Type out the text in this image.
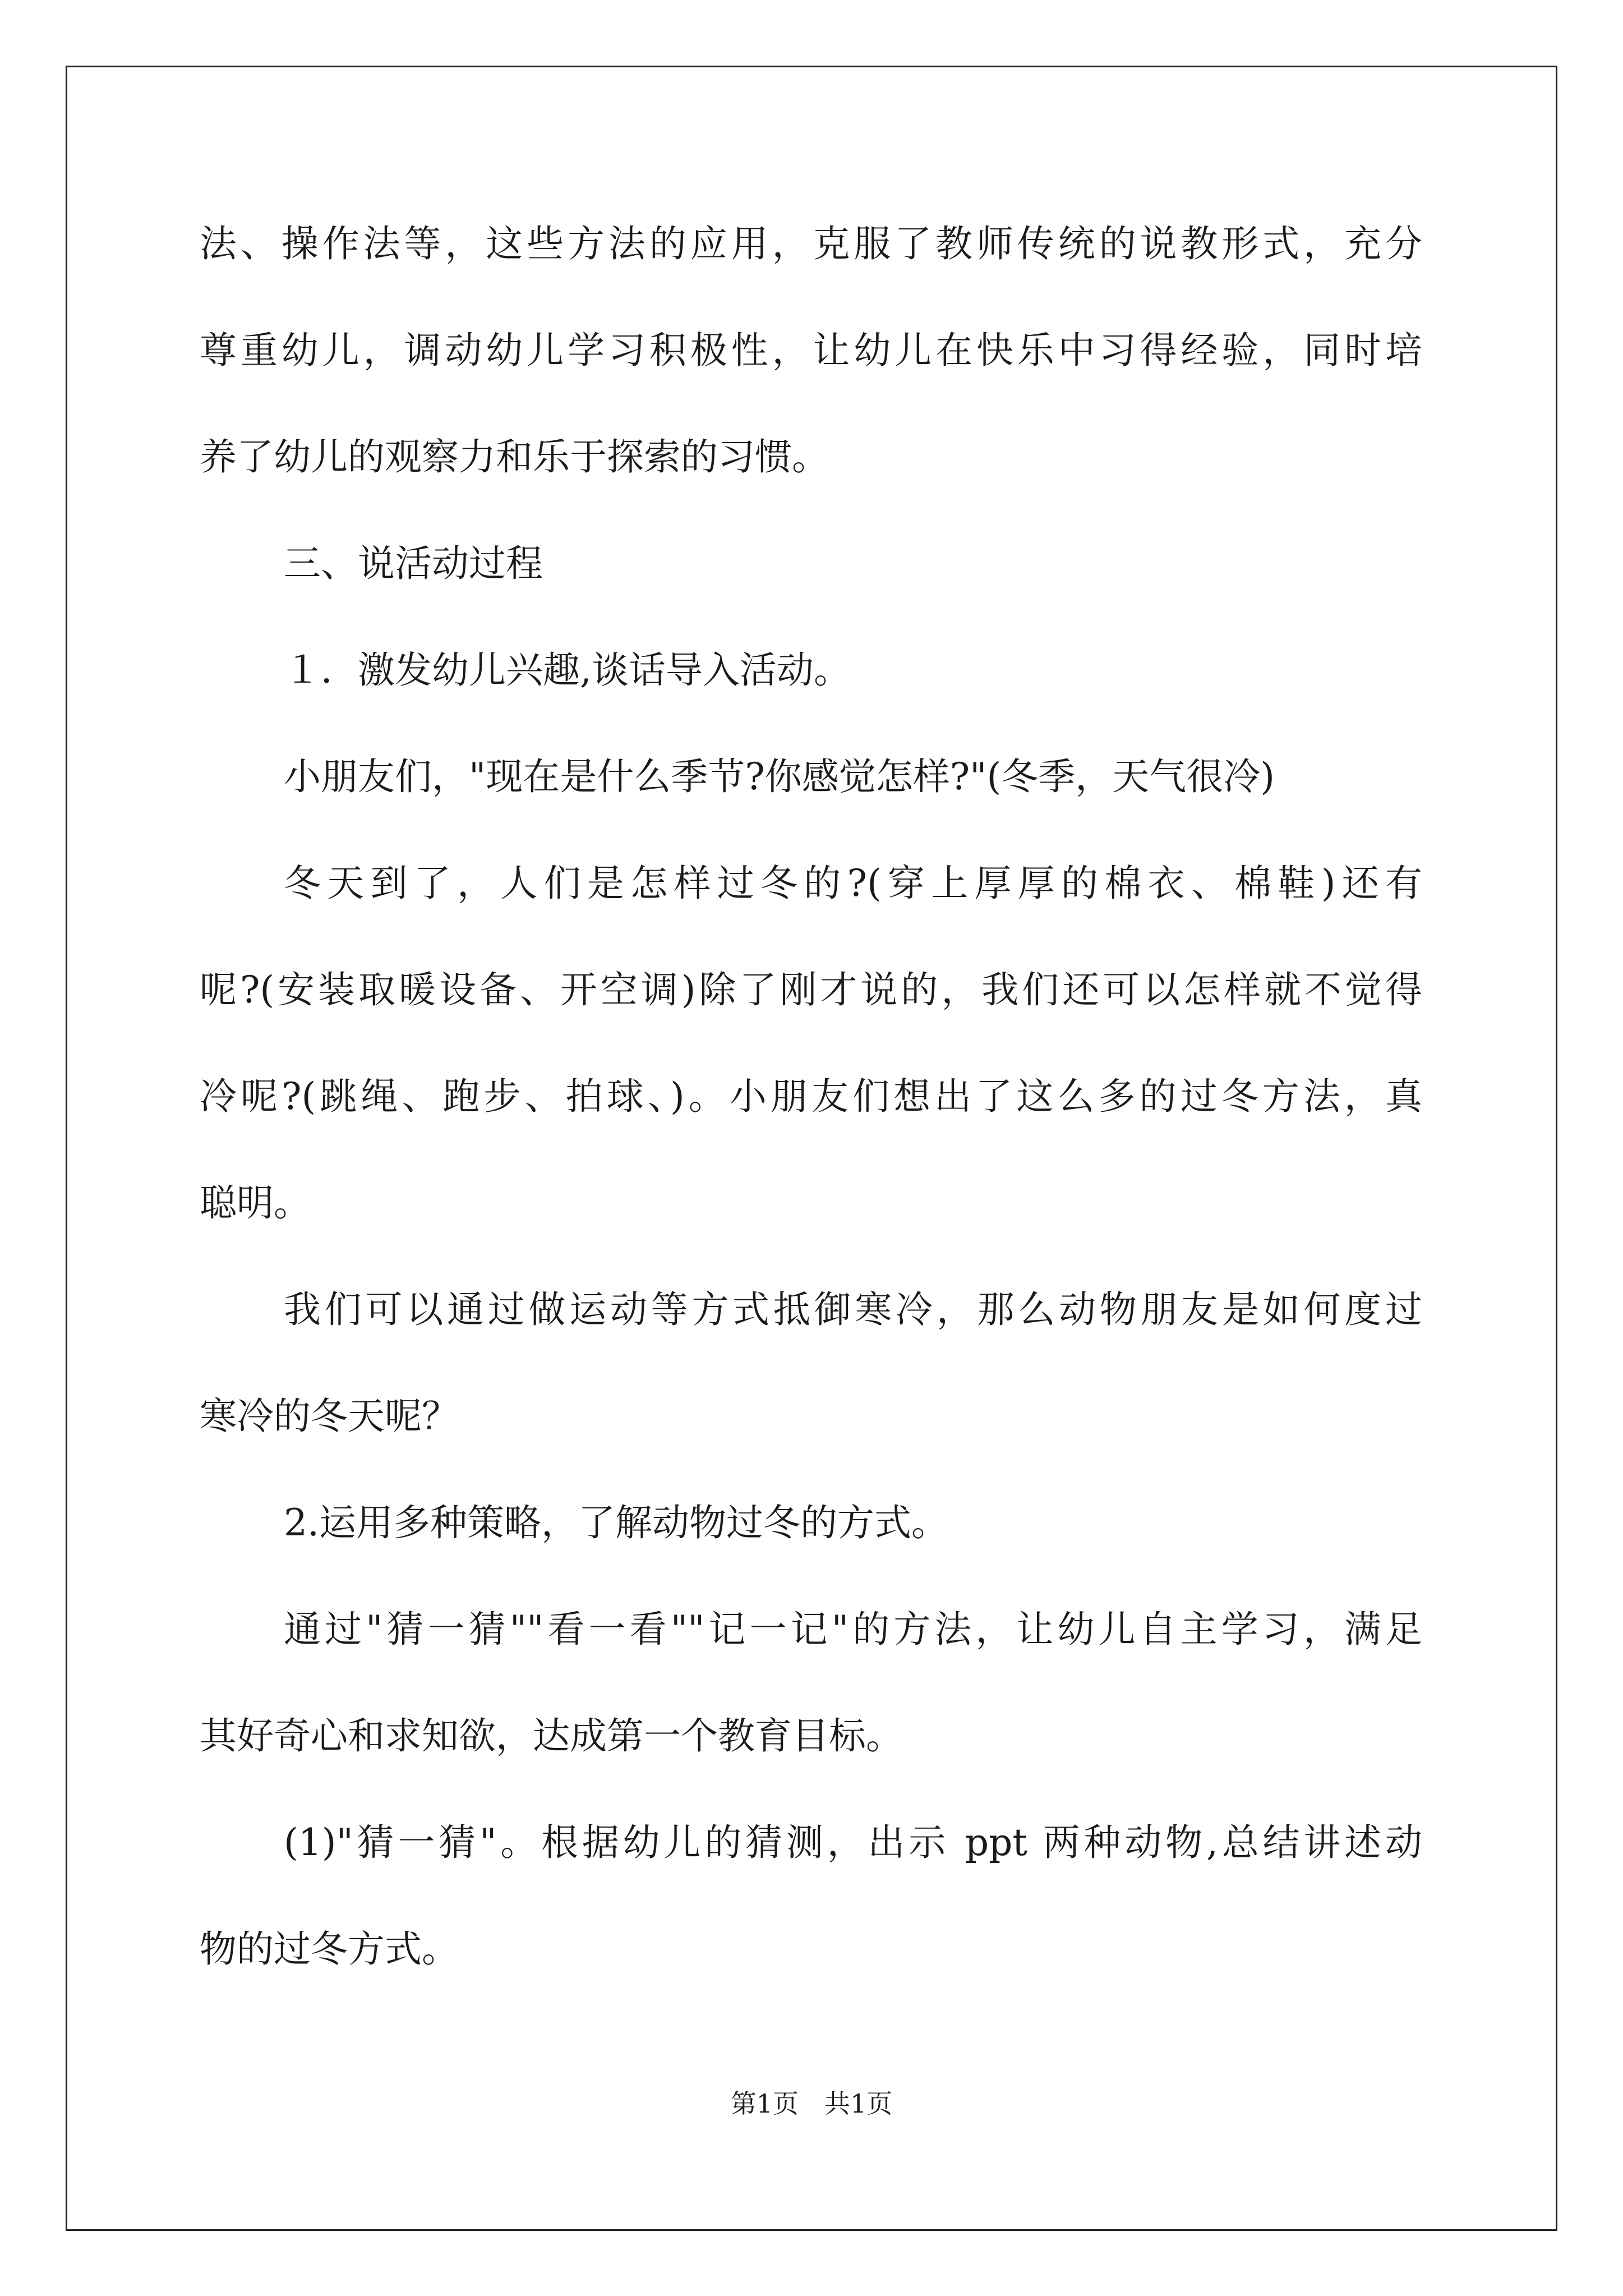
法、操作法等，这些方法的应用，克服了教师传统的说教形式，充分
尊重幼儿，调动幼儿学习积极性，让幼儿在快乐中习得经验，同时培
养了幼儿的观察力和乐于探索的习惯。
三、说活动过程
１．激发幼儿兴趣,谈话导入活动。
小朋友们，"现在是什么季节?你感觉怎样?"(冬季，天气很冷)
冬天到了，人们是怎样过冬的?(穿上厚厚的棉衣、棉鞋)还有
呢?(安装取暖设备、开空调)除了刚才说的，我们还可以怎样就不觉得
冷呢?(跳绳、跑步、拍球、)。小朋友们想出了这么多的过冬方法，真
聪明。
我们可以通过做运动等方式抵御寒冷，那么动物朋友是如何度过
寒冷的冬天呢？
2.运用多种策略，了解动物过冬的方式。
通过"猜一猜""看一看""记一记"的方法，让幼儿自主学习，满足
其好奇心和求知欲，达成第一个教育目标。
(1)"猜一猜"。根据幼儿的猜测，出示 ppt 两种动物,总结讲述动
物的过冬方式。
第1页　共1页
